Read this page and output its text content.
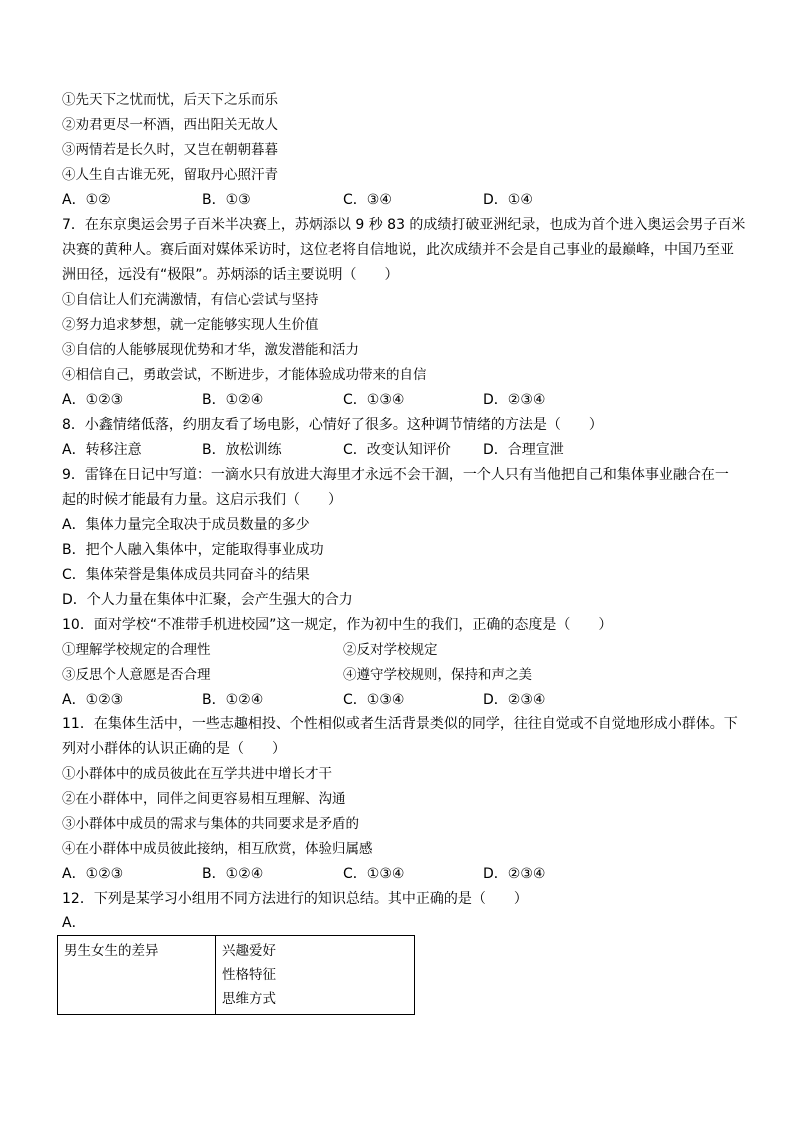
①先天下之忧而忧，后天下之乐而乐
②劝君更尽一杯酒，西出阳关无故人
③两情若是长久时，又岂在朝朝暮暮
④人生自古谁无死，留取丹心照汗青
A．①②	B．①③	C．③④	D．①④
7．在东京奥运会男子百米半决赛上，苏炳添以 9 秒 83 的成绩打破亚洲纪录，也成为首个进入奥运会男子百米
决赛的黄种人。赛后面对媒体采访时，这位老将自信地说，此次成绩并不会是自己事业的最巅峰，中国乃至亚
洲田径，远没有“极限”。苏炳添的话主要说明（　　）
①自信让人们充满激情，有信心尝试与坚持
②努力追求梦想，就一定能够实现人生价值
③自信的人能够展现优势和才华，激发潜能和活力
④相信自己，勇敢尝试，不断进步，才能体验成功带来的自信
A．①②③	B．①②④	C．①③④	D．②③④
8．小鑫情绪低落，约朋友看了场电影，心情好了很多。这种调节情绪的方法是（　　）
A．转移注意	B．放松训练	C．改变认知评价 D．合理宣泄
9．雷锋在日记中写道：一滴水只有放进大海里才永远不会干涸，一个人只有当他把自己和集体事业融合在一
起的时候才能最有力量。这启示我们（　　）
A．集体力量完全取决于成员数量的多少
B．把个人融入集体中，定能取得事业成功
C．集体荣誉是集体成员共同奋斗的结果
D．个人力量在集体中汇聚，会产生强大的合力
10．面对学校“不准带手机进校园”这一规定，作为初中生的我们，正确的态度是（　　）
①理解学校规定的合理性	②反对学校规定
③反思个人意愿是否合理	④遵守学校规则，保持和声之美
A．①②③	B．①②④	C．①③④	D．②③④
11．在集体生活中，一些志趣相投、个性相似或者生活背景类似的同学，往往自觉或不自觉地形成小群体。下
列对小群体的认识正确的是（　　）
①小群体中的成员彼此在互学共进中增长才干
②在小群体中，同伴之间更容易相互理解、沟通
③小群体中成员的需求与集体的共同要求是矛盾的
④在小群体中成员彼此接纳，相互欣赏，体验归属感
A．①②③	B．①②④	C．①③④	D．②③④
12．下列是某学习小组用不同方法进行的知识总结。其中正确的是（　　）
A．
男生女生的差异	兴趣爱好
性格特征
思维方式
